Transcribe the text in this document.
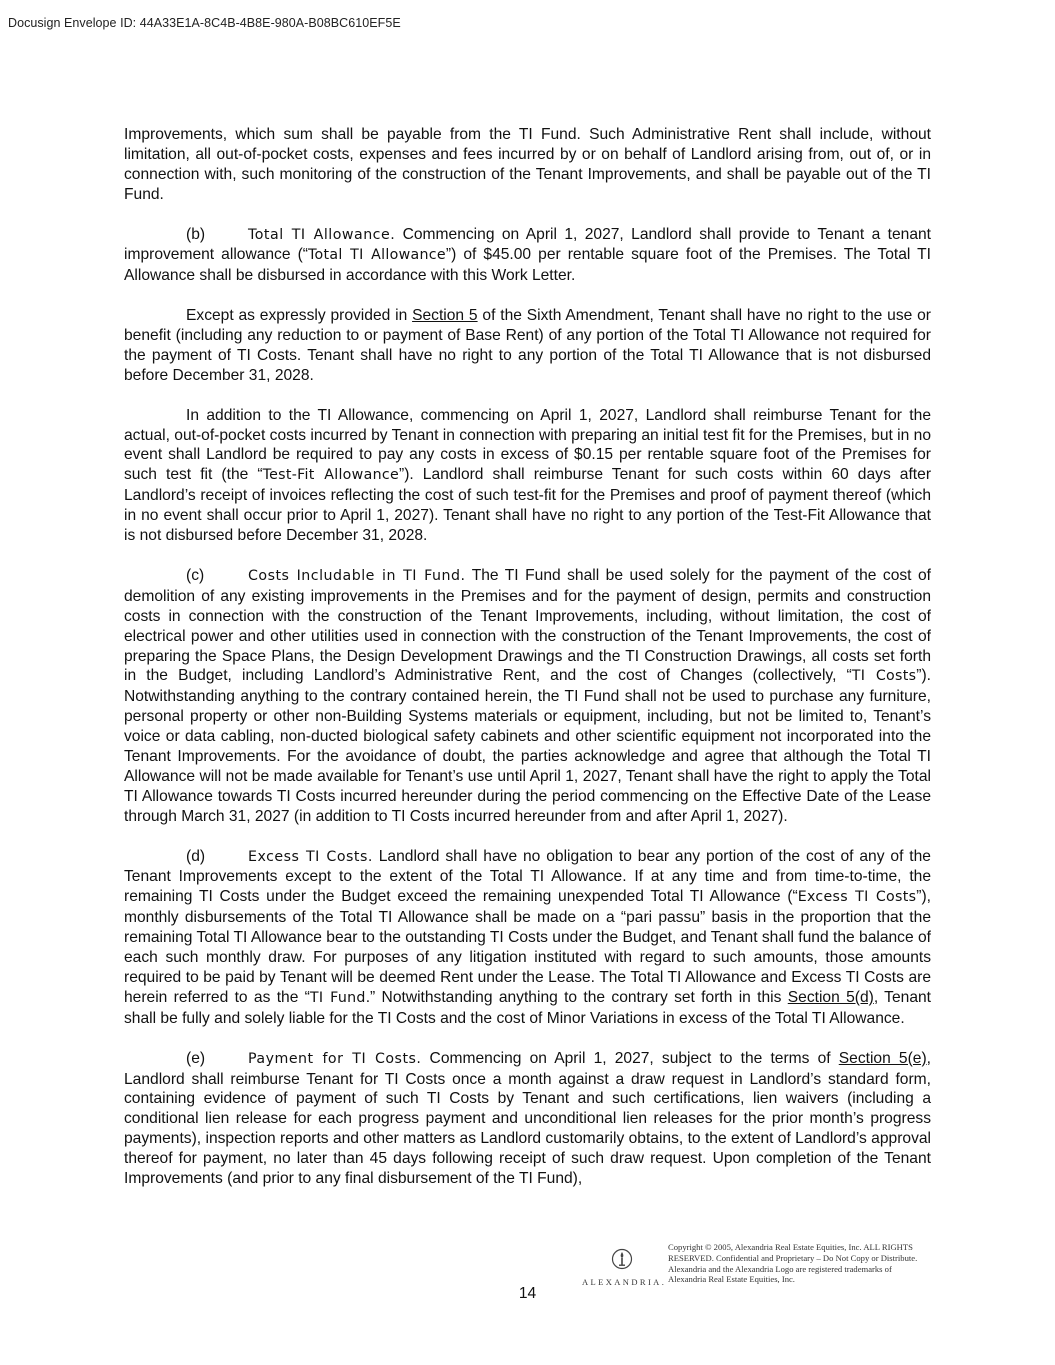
Docusign Envelope ID: 44A33E1A-8C4B-4B8E-980A-B08BC610EF5E

Improvements, which sum shall be payable from the TI Fund. Such Administrative Rent shall include, without limitation, all out-of-pocket costs, expenses and fees incurred by or on behalf of Landlord arising from, out of, or in connection with, such monitoring of the construction of the Tenant Improvements, and shall be payable out of the TI Fund.

(b)	Total TI Allowance. Commencing on April 1, 2027, Landlord shall provide to Tenant a tenant improvement allowance (“Total TI Allowance”) of $45.00 per rentable square foot of the Premises. The Total TI Allowance shall be disbursed in accordance with this Work Letter.

Except as expressly provided in Section 5 of the Sixth Amendment, Tenant shall have no right to the use or benefit (including any reduction to or payment of Base Rent) of any portion of the Total TI Allowance not required for the payment of TI Costs. Tenant shall have no right to any portion of the Total TI Allowance that is not disbursed before December 31, 2028.

In addition to the TI Allowance, commencing on April 1, 2027, Landlord shall reimburse Tenant for the actual, out-of-pocket costs incurred by Tenant in connection with preparing an initial test fit for the Premises, but in no event shall Landlord be required to pay any costs in excess of $0.15 per rentable square foot of the Premises for such test fit (the “Test-Fit Allowance”). Landlord shall reimburse Tenant for such costs within 60 days after Landlord’s receipt of invoices reflecting the cost of such test-fit for the Premises and proof of payment thereof (which in no event shall occur prior to April 1, 2027). Tenant shall have no right to any portion of the Test-Fit Allowance that is not disbursed before December 31, 2028.

(c)	Costs Includable in TI Fund. The TI Fund shall be used solely for the payment of the cost of demolition of any existing improvements in the Premises and for the payment of design, permits and construction costs in connection with the construction of the Tenant Improvements, including, without limitation, the cost of electrical power and other utilities used in connection with the construction of the Tenant Improvements, the cost of preparing the Space Plans, the Design Development Drawings and the TI Construction Drawings, all costs set forth in the Budget, including Landlord’s Administrative Rent, and the cost of Changes (collectively, “TI Costs”). Notwithstanding anything to the contrary contained herein, the TI Fund shall not be used to purchase any furniture, personal property or other non-Building Systems materials or equipment, including, but not be limited to, Tenant’s voice or data cabling, non-ducted biological safety cabinets and other scientific equipment not incorporated into the Tenant Improvements. For the avoidance of doubt, the parties acknowledge and agree that although the Total TI Allowance will not be made available for Tenant’s use until April 1, 2027, Tenant shall have the right to apply the Total TI Allowance towards TI Costs incurred hereunder during the period commencing on the Effective Date of the Lease through March 31, 2027 (in addition to TI Costs incurred hereunder from and after April 1, 2027).

(d)	Excess TI Costs. Landlord shall have no obligation to bear any portion of the cost of any of the Tenant Improvements except to the extent of the Total TI Allowance. If at any time and from time-to-time, the remaining TI Costs under the Budget exceed the remaining unexpended Total TI Allowance (“Excess TI Costs”), monthly disbursements of the Total TI Allowance shall be made on a “pari passu” basis in the proportion that the remaining Total TI Allowance bear to the outstanding TI Costs under the Budget, and Tenant shall fund the balance of each such monthly draw. For purposes of any litigation instituted with regard to such amounts, those amounts required to be paid by Tenant will be deemed Rent under the Lease. The Total TI Allowance and Excess TI Costs are herein referred to as the “TI Fund.” Notwithstanding anything to the contrary set forth in this Section 5(d), Tenant shall be fully and solely liable for the TI Costs and the cost of Minor Variations in excess of the Total TI Allowance.

(e)	Payment for TI Costs. Commencing on April 1, 2027, subject to the terms of Section 5(e), Landlord shall reimburse Tenant for TI Costs once a month against a draw request in Landlord’s standard form, containing evidence of payment of such TI Costs by Tenant and such certifications, lien waivers (including a conditional lien release for each progress payment and unconditional lien releases for the prior month’s progress payments), inspection reports and other matters as Landlord customarily obtains, to the extent of Landlord’s approval thereof for payment, no later than 45 days following receipt of such draw request. Upon completion of the Tenant Improvements (and prior to any final disbursement of the TI Fund),

ALEXANDRIA.
Copyright © 2005, Alexandria Real Estate Equities, Inc. ALL RIGHTS RESERVED. Confidential and Proprietary – Do Not Copy or Distribute. Alexandria and the Alexandria Logo are registered trademarks of Alexandria Real Estate Equities, Inc.
14
